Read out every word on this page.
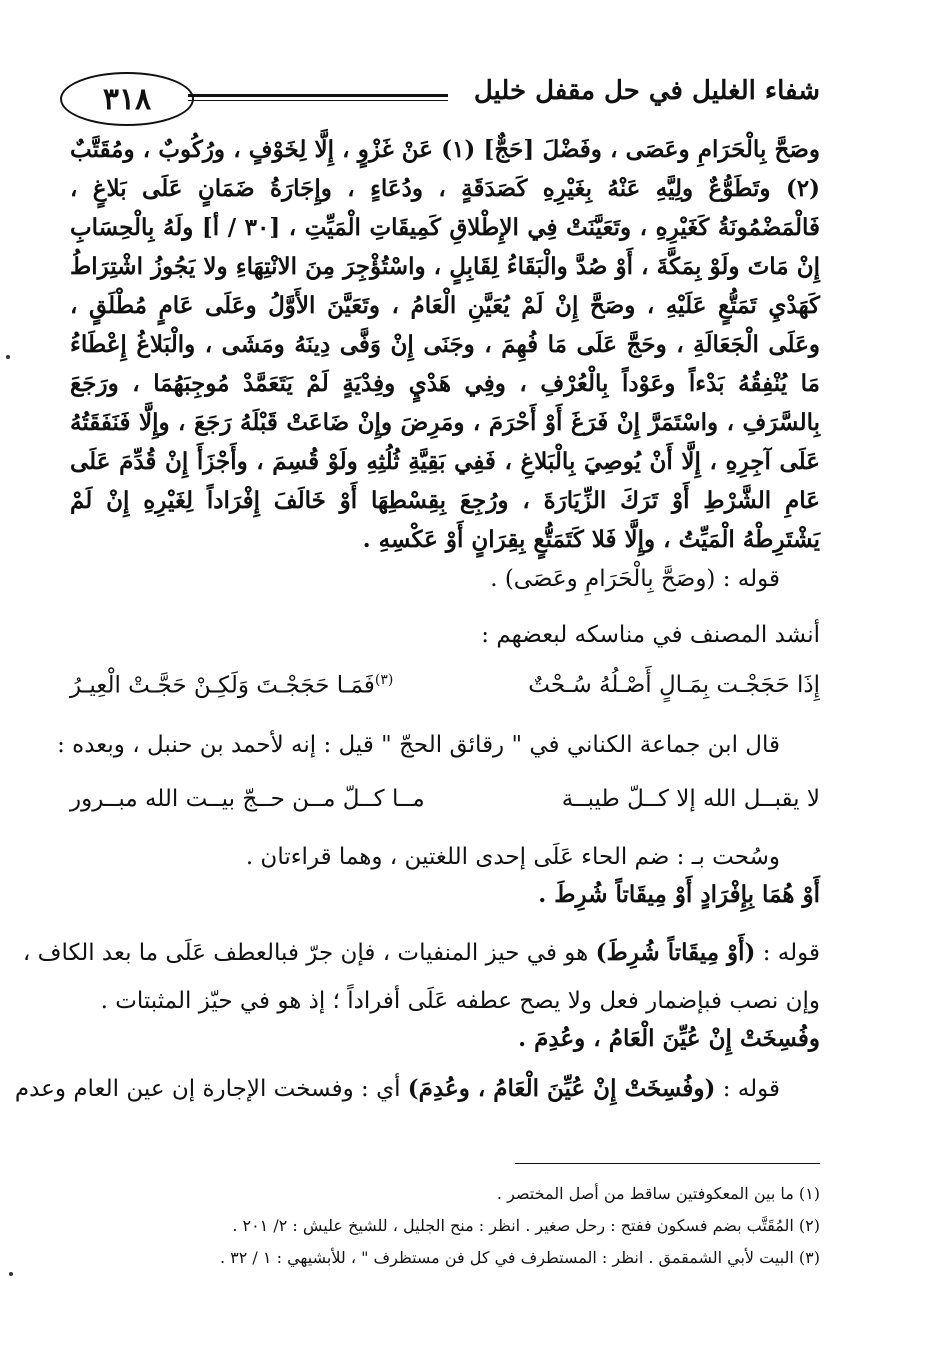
٣١٨	شفاء الغليل في حل مقفل خليل
وصَحَّ بِالْحَرَامِ وعَصَى ، وفَضْلَ [حَجٌّ] (١) عَنْ غَزْوٍ ، إِلَّا لِخَوْفٍ ، ورُكُوبٌ ، ومُقَتَّبٌ (٢) وتَطَوُّعٌ ولِيَّهِ عَنْهُ بِغَيْرِهِ كَصَدَقَةٍ ، ودُعَاءٍ ، وإِجَارَةُ ضَمَانٍ عَلَى بَلاغٍ ، فَالْمَضْمُونَةُ كَغَيْرِهِ ، وتَعَيَّنَتْ فِي الإِطْلاقِ كَمِيقَاتِ الْمَيِّتِ ، [٣٠ / أ] ولَهُ بِالْحِسَابِ إِنْ مَاتَ ولَوْ بِمَكَّةَ ، أَوْ صُدَّ والْبَقَاءُ لِقَابِلٍ ، واسْتُؤْجِرَ مِنَ الانْتِهَاءِ ولا يَجُوزُ اشْتِرَاطُ كَهَدْيِ تَمَتُّعٍ عَلَيْهِ ، وصَحَّ إِنْ لَمْ يُعَيَّنِ الْعَامُ ، وتَعَيَّنَ الأَوَّلُ وعَلَى عَامٍ مُطْلَقٍ ، وعَلَى الْجَعَالَةِ ، وحَجَّ عَلَى مَا فُهِمَ ، وجَنَى إِنْ وَفَّى دِينَهُ ومَشَى ، والْبَلاغُ إِعْطَاءُ مَا يُنْفِقُهُ بَدْءاً وعَوْداً بِالْعُرْفِ ، وفِي هَدْيٍ وفِدْيَةٍ لَمْ يَتَعَمَّدْ مُوجِبَهُمَا ، ورَجَعَ بِالسَّرَفِ ، واسْتَمَرَّ إِنْ فَرَغَ أَوْ أَحْرَمَ ، ومَرِضَ وإِنْ ضَاعَتْ قَبْلَهُ رَجَعَ ، وإِلَّا فَنَفَقَتُهُ عَلَى آجِرِهِ ، إِلَّا أَنْ يُوصِيَ بِالْبَلاغِ ، فَفِي بَقِيَّةِ ثُلُثِهِ ولَوْ قُسِمَ ، وأَجْزَأَ إِنْ قُدِّمَ عَلَى عَامِ الشَّرْطِ أَوْ تَرَكَ الزِّيَارَةَ ، ورُجِعَ بِقِسْطِهَا أَوْ خَالَفَ إِفْرَاداً لِغَيْرِهِ إِنْ لَمْ يَشْتَرِطْهُ الْمَيِّتُ ، وإِلَّا فَلا كَتَمَتُّعٍ بِقِرَانٍ أَوْ عَكْسِهِ .
قوله : (وصَحَّ بِالْحَرَامِ وعَصَى) .
أنشد المصنف في مناسكه لبعضهم :
إِذَا حَجَجْـت بِمَـالٍ أَصْـلُهُ سُـحْتٌ
$^{(٣)}$فَمَـا حَجَجْـتَ وَلَكِـنْ حَجَّـتْ الْعِيـرُ
قال ابن جماعة الكناني في " رقائق الحجّ " قيل : إنه لأحمد بن حنبل ، وبعده :
لا يقبــل الله إلا كــلّ طيبــة
مــا كــلّ مــن حــجّ بيــت الله مبــرور
وسُحت بـ : ضم الحاء عَلَى إحدى اللغتين ، وهما قراءتان .
أَوْ هُمَا بِإِفْرَادٍ أَوْ مِيقَاتاً شُرِطَ .
قوله : (أَوْ مِيقَاتاً شُرِطَ) هو في حيز المنفيات ، فإن جرّ فبالعطف عَلَى ما بعد الكاف ،
وإن نصب فبإضمار فعل ولا يصح عطفه عَلَى أفراداً ؛ إذ هو في حيّز المثبتات .
وفُسِخَتْ إِنْ عُيِّنَ الْعَامُ ، وعُدِمَ .
قوله : (وفُسِخَتْ إِنْ عُيِّنَ الْعَامُ ، وعُدِمَ) أي : وفسخت الإجارة إن عين العام وعدم
(١) ما بين المعكوفتين ساقط من أصل المختصر .
(٢) المُقَتَّب بضم فسكون ففتح : رحل صغير . انظر : منح الجليل ، للشيخ عليش : ٢/ ٢٠١ .
(٣) البيت لأبي الشمقمق . انظر : المستطرف في كل فن مستظرف " ، للأبشيهي : ١ / ٣٢ .
